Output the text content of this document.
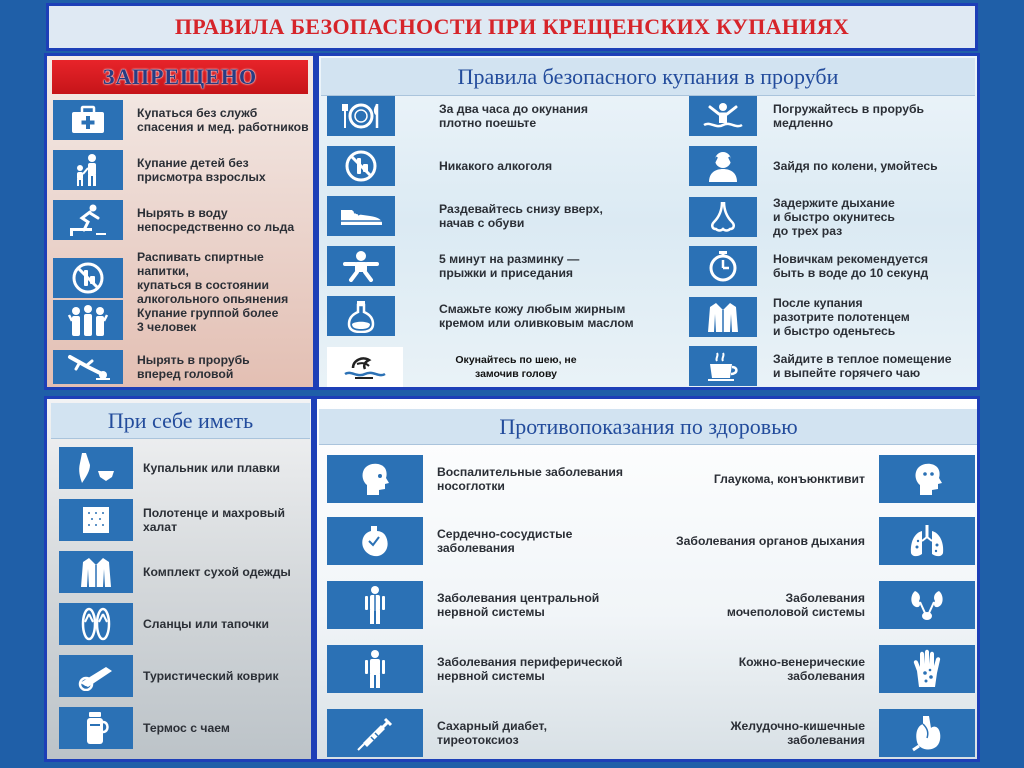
ПРАВИЛА БЕЗОПАСНОСТИ ПРИ КРЕЩЕНСКИХ КУПАНИЯХ
ЗАПРЕЩЕНО
Купаться без служб
спасения и мед. работников
Купание детей без
присмотра взрослых
Нырять в воду
непосредственно со льда
Распивать спиртные напитки,
купаться в состоянии
алкогольного опьянения
Купание группой более
3 человек
Нырять в прорубь
вперед головой
Правила безопасного купания в проруби
За два часа до окунания
плотно поешьте
Никакого алкоголя
Раздевайтесь снизу вверх,
начав с обуви
5 минут на разминку —
прыжки и приседания
Смажьте кожу любым жирным
кремом или оливковым маслом
Окунайтесь по шею, не
замочив голову
Погружайтесь в прорубь
медленно
Зайдя по колени, умойтесь
Задержите дыхание
и быстро окунитесь
до трех раз
Новичкам рекомендуется
быть в воде до 10 секунд
После купания
разотрите полотенцем
и быстро оденьтесь
Зайдите в теплое помещение
и выпейте горячего чаю
При себе иметь
Купальник или плавки
Полотенце и махровый
халат
Комплект сухой одежды
Сланцы или тапочки
Туристический коврик
Термос с чаем
Противопоказания по здоровью
Воспалительные заболевания
носоглотки
Сердечно-сосудистые
заболевания
Заболевания центральной
нервной системы
Заболевания периферической
нервной системы
Сахарный диабет,
тиреотоксиоз
Глаукома, конъюнктивит
Заболевания органов дыхания
Заболевания
мочеполовой системы
Кожно-венерические
заболевания
Желудочно-кишечные
заболевания
